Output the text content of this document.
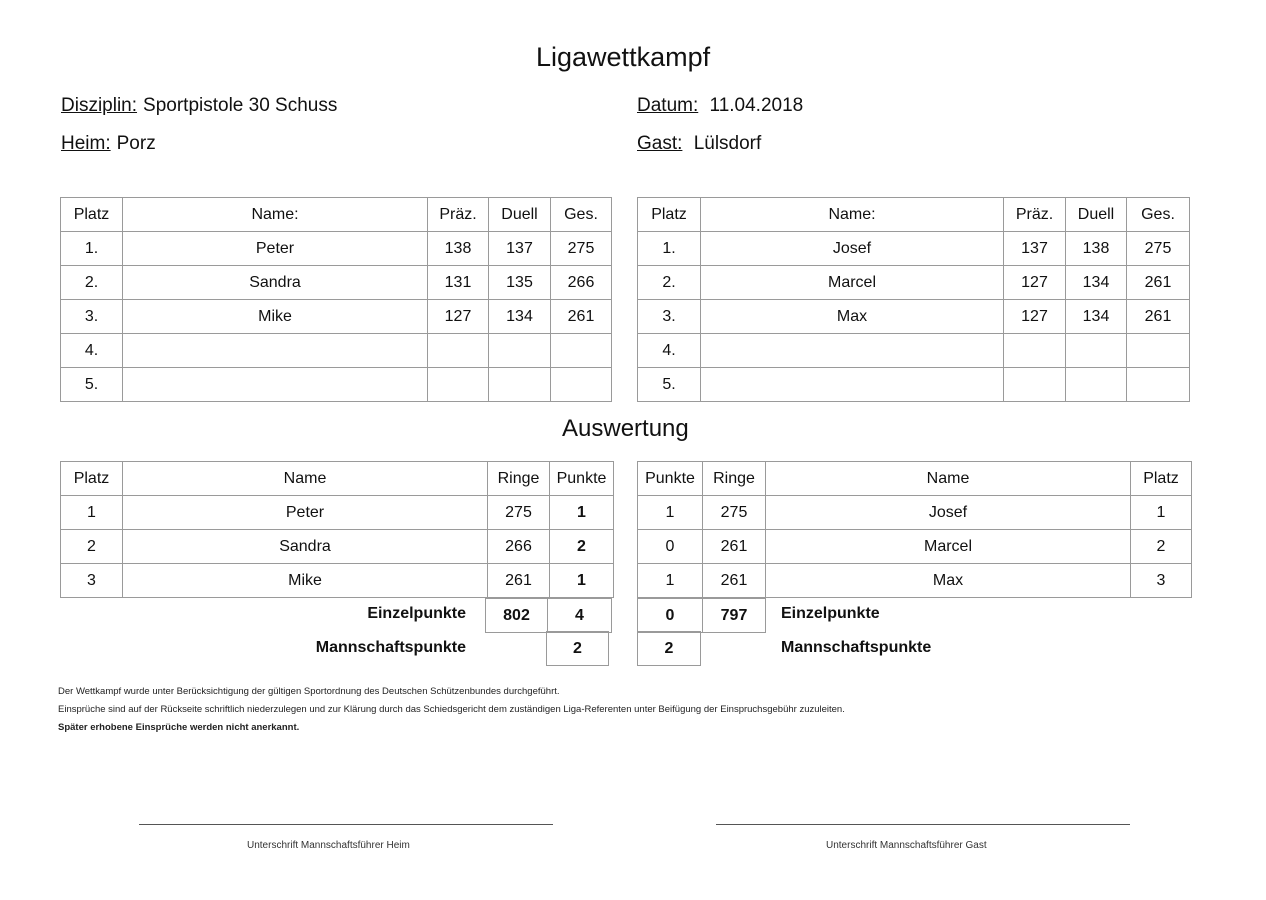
Ligawettkampf
Disziplin: Sportpistole 30 Schuss	Datum: 11.04.2018
Heim: Porz	Gast: Lülsdorf
Platz	Name:	Präz.	Duell	Ges.
1.	Peter	138	137	275
2.	Sandra	131	135	266
3.	Mike	127	134	261
4.				
5.				
Platz	Name:	Präz.	Duell	Ges.
1.	Josef	137	138	275
2.	Marcel	127	134	261
3.	Max	127	134	261
4.				
5.				
Auswertung
Platz	Name	Ringe	Punkte
1	Peter	275	1
2	Sandra	266	2
3	Mike	261	1
Punkte	Ringe	Name	Platz
1	275	Josef	1
0	261	Marcel	2
1	261	Max	3
Einzelpunkte 802	4
Mannschaftspunkte	2
0	797 Einzelpunkte
2	Mannschaftspunkte
Der Wettkampf wurde unter Berücksichtigung der gültigen Sportordnung des Deutschen Schützenbundes durchgeführt.
Einsprüche sind auf der Rückseite schriftlich niederzulegen und zur Klärung durch das Schiedsgericht dem zuständigen Liga-Referenten unter Beifügung der Einspruchsgebühr zuzuleiten.
Später erhobene Einsprüche werden nicht anerkannt.
Unterschrift Mannschaftsführer Heim	Unterschrift Mannschaftsführer Gast
